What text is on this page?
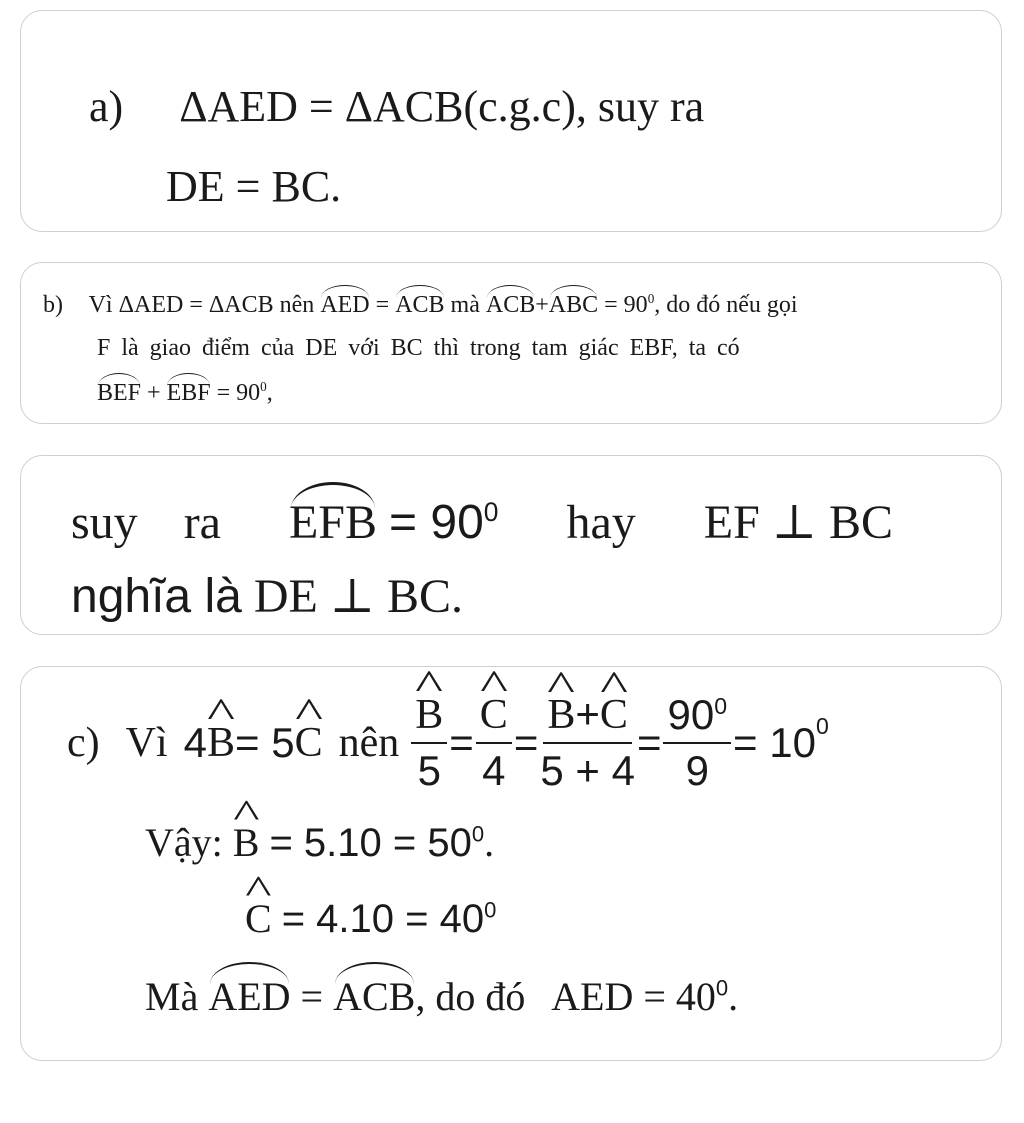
a) ΔAED = ΔACB(c.g.c), suy ra
DE = BC.
b) Vì ΔAED = ΔACB nên AED = ACB mà $ACB+ABC = 90^0$, do đó nếu gọi
F là giao điểm của DE với BC thì trong tam giác EBF, ta có
BEF + EBF = $90^0$,
suy ra EFB = $90^0$ hay EF ⊥ BC
nghĩa là DE ⊥ BC.
c) Vì 4 ^ B = 5 ^ C nên ^ $\frac{B}{5}$ = ^ $\frac{C}{4}$ = ^ $\frac{B+\^{} C}{5 + 4} = \frac{90^0}{9} = 10^0$
Vậy: ^ $B = 5.10 = 50^0$.
^ $C = 4.10 = 40^0$
Mà AED = ACB, do đó AED = $40^0$.
